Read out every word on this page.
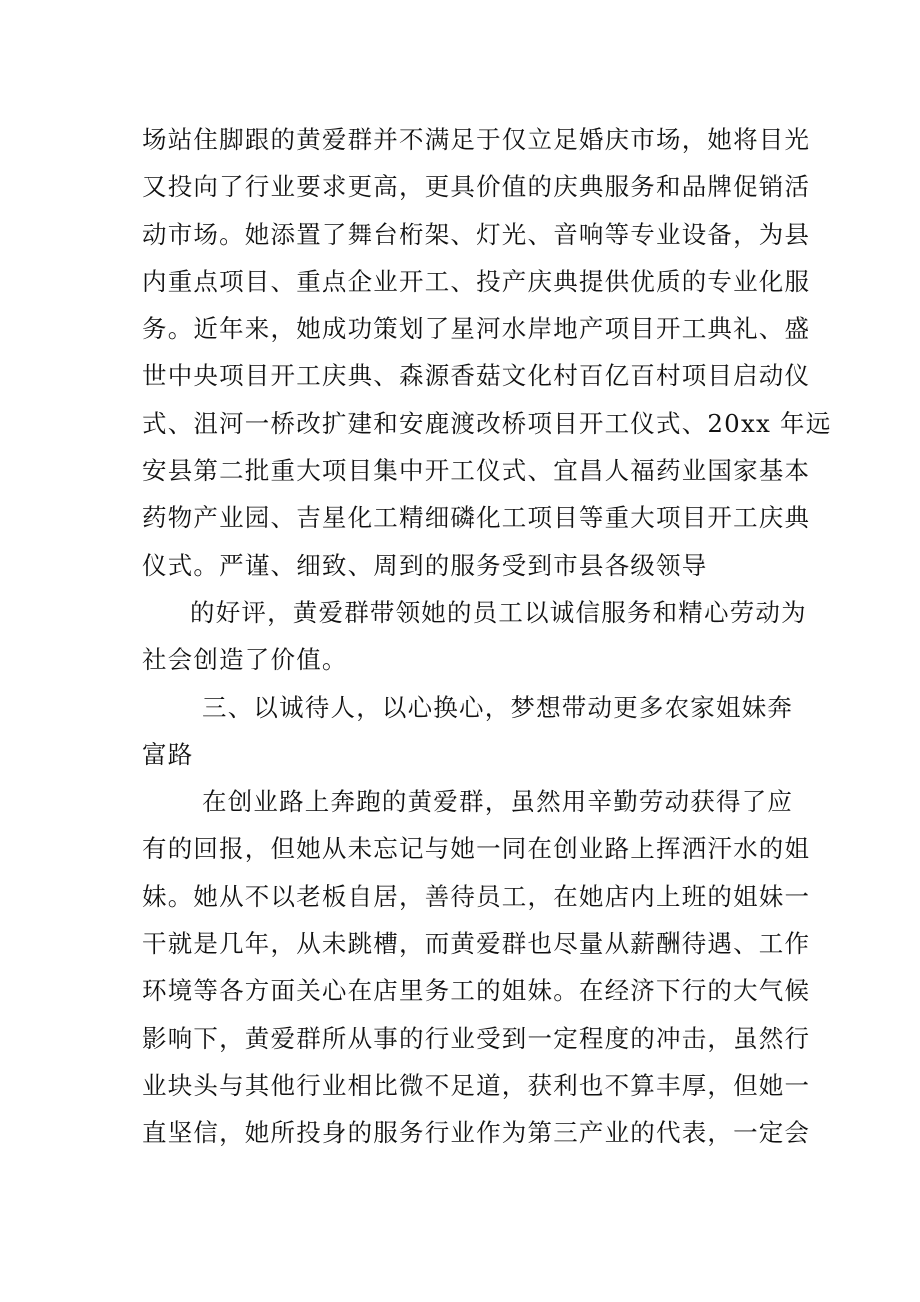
场站住脚跟的黄爱群并不满足于仅立足婚庆市场，她将目光
又投向了行业要求更高，更具价值的庆典服务和品牌促销活
动市场。她添置了舞台桁架、灯光、音响等专业设备，为县
内重点项目、重点企业开工、投产庆典提供优质的专业化服
务。近年来，她成功策划了星河水岸地产项目开工典礼、盛
世中央项目开工庆典、森源香菇文化村百亿百村项目启动仪
式、沮河一桥改扩建和安鹿渡改桥项目开工仪式、20xx 年远
安县第二批重大项目集中开工仪式、宜昌人福药业国家基本
药物产业园、吉星化工精细磷化工项目等重大项目开工庆典
仪式。严谨、细致、周到的服务受到市县各级领导
的好评，黄爱群带领她的员工以诚信服务和精心劳动为
社会创造了价值。
三、以诚待人，以心换心，梦想带动更多农家姐妹奔
富路
在创业路上奔跑的黄爱群，虽然用辛勤劳动获得了应
有的回报，但她从未忘记与她一同在创业路上挥洒汗水的姐
妹。她从不以老板自居，善待员工，在她店内上班的姐妹一
干就是几年，从未跳槽，而黄爱群也尽量从薪酬待遇、工作
环境等各方面关心在店里务工的姐妹。在经济下行的大气候
影响下，黄爱群所从事的行业受到一定程度的冲击，虽然行
业块头与其他行业相比微不足道，获利也不算丰厚，但她一
直坚信，她所投身的服务行业作为第三产业的代表，一定会
